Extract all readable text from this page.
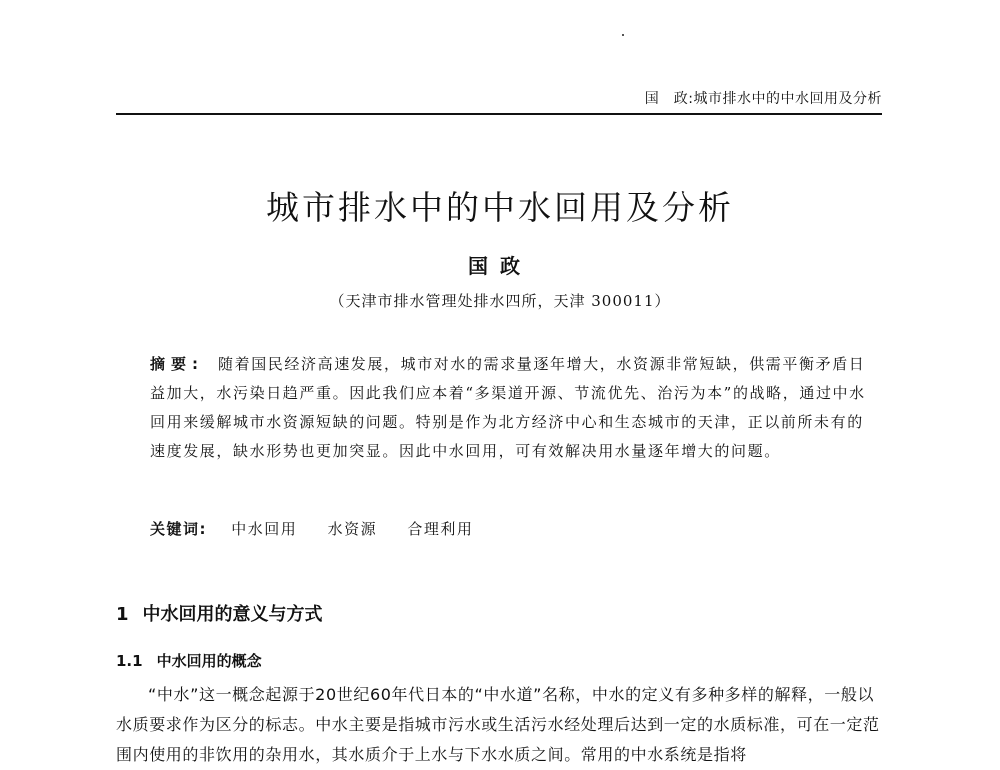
国　政:城市排水中的中水回用及分析
城市排水中的中水回用及分析
国政
（天津市排水管理处排水四所，天津 300011）
摘要: 随着国民经济高速发展，城市对水的需求量逐年增大，水资源非常短缺，供需平衡矛盾日益加大，水污染日趋严重。因此我们应本着“多渠道开源、节流优先、治污为本”的战略，通过中水回用来缓解城市水资源短缺的问题。特别是作为北方经济中心和生态城市的天津，正以前所未有的速度发展，缺水形势也更加突显。因此中水回用，可有效解决用水量逐年增大的问题。
关键词: 中水回用 水资源 合理利用
1 中水回用的意义与方式
1.1 中水回用的概念
“中水”这一概念起源于20世纪60年代日本的“中水道”名称，中水的定义有多种多样的解释，一般以水质要求作为区分的标志。中水主要是指城市污水或生活污水经处理后达到一定的水质标准，可在一定范围内使用的非饮用的杂用水，其水质介于上水与下水水质之间。常用的中水系统是指将
